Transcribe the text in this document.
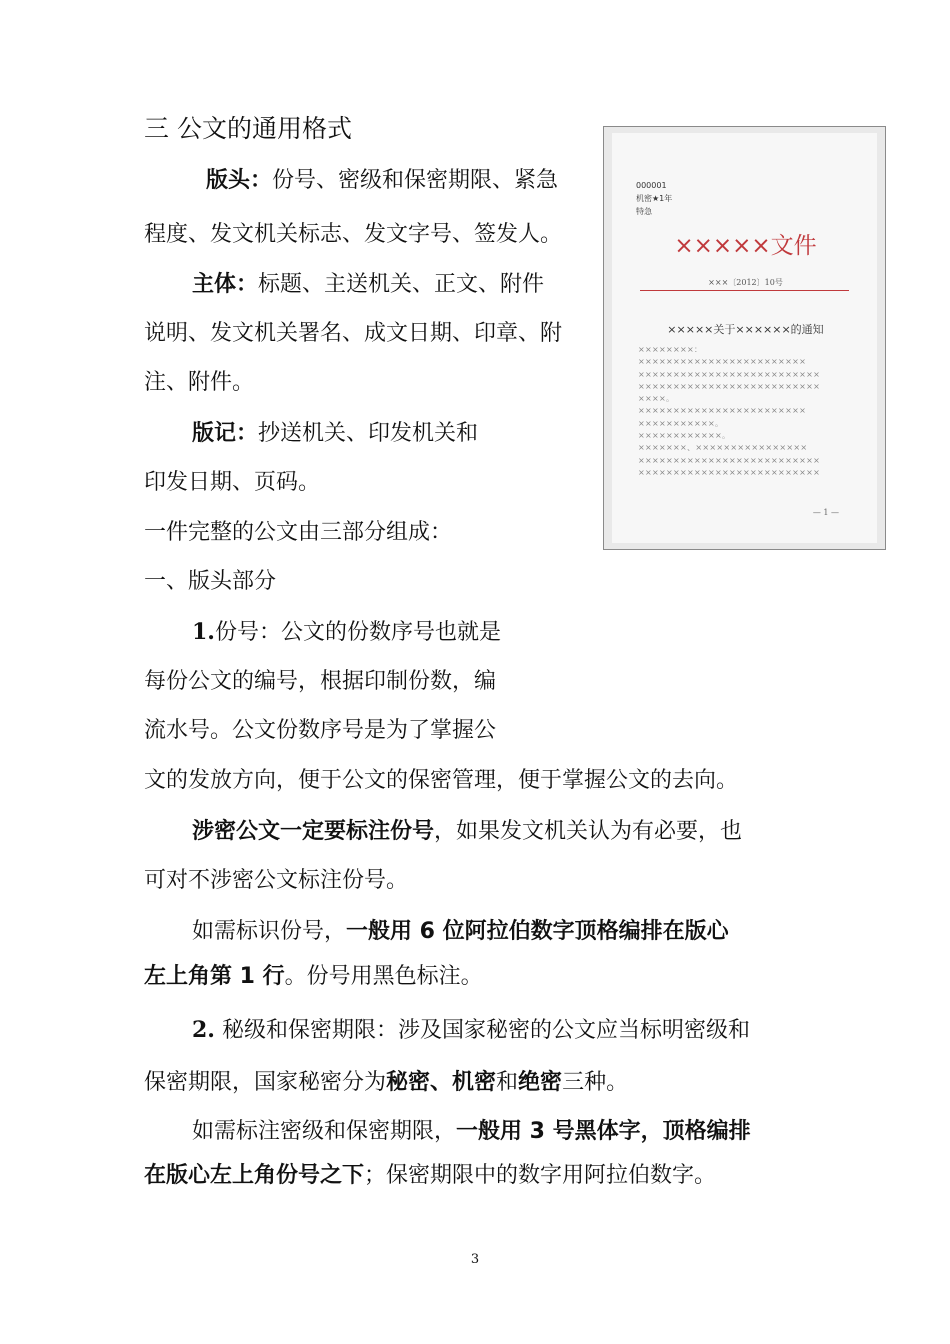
三 公文的通用格式
版头：份号、密级和保密期限、紧急
程度、发文机关标志、发文字号、签发人。
主体：标题、主送机关、正文、附件
说明、发文机关署名、成文日期、印章、附
注、附件。
版记：抄送机关、印发机关和
印发日期、页码。
一件完整的公文由三部分组成：
一、版头部分
1.份号：公文的份数序号也就是
每份公文的编号，根据印制份数，编
流水号。公文份数序号是为了掌握公
文的发放方向，便于公文的保密管理，便于掌握公文的去向。
涉密公文一定要标注份号，如果发文机关认为有必要，也
可对不涉密公文标注份号。
如需标识份号，一般用 6 位阿拉伯数字顶格编排在版心
左上角第 1 行。份号用黑色标注。
2. 秘级和保密期限：涉及国家秘密的公文应当标明密级和
保密期限，国家秘密分为秘密、机密和绝密三种。
如需标注密级和保密期限，一般用 3 号黑体字，顶格编排
在版心左上角份号之下；保密期限中的数字用阿拉伯数字。
000001
机密★1年
特急
×××××文件
×××〔2012〕10号
×××××关于××××××的通知
××××××××：
××××××××××××××××××××××××
××××××××××××××××××××××××××
××××××××××××××××××××××××××
××××。
××××××××××××××××××××××××
×××××××××××。
××××××××××××。
×××××××、××××××××××××××××
××××××××××××××××××××××××××
××××××××××××××××××××××××××
— 1 —
3
